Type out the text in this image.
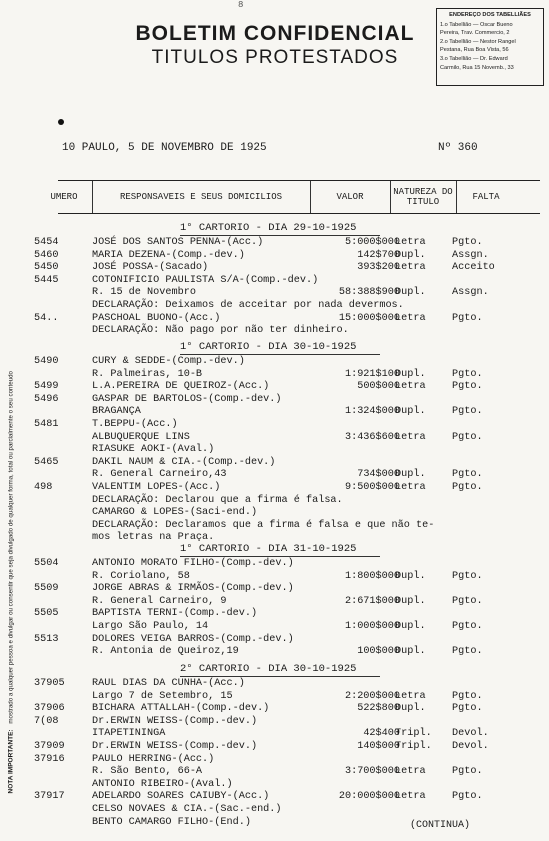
8
BOLETIM CONFIDENCIAL
TITULOS PROTESTADOS
ENDEREÇO DOS TABELLIÃES
1.o Tabellião — Oscar Bueno
Pereira, Trav. Commercio, 2
2.o Tabellião — Nestor Rangel
Pestana, Rua Boa Vista, 56
3.o Tabellião — Dr. Edward
Carmilo, Rua 15 Novemb., 33
NOTA IMPORTANTE: mostrado a qualquer pessoa e divulgar ou consentir que seja divulgado de qualquer forma, total ou parcialmente o seu conteudo
10 PAULO, 5 DE NOVEMBRO DE 1925	Nº 360
UMERO	RESPONSAVEIS E SEUS DOMICILIOS	VALOR	NATUREZA DO TITULO	FALTA
1° CARTORIO - DIA 29-10-1925
5454	JOSÉ DOS SANTOS PENNA-(Acc.)	5:000$000
Letra	Pgto.
5460	MARIA DEZENA-(Comp.-dev.)	142$700
Dupl.	Assgn.
5450	JOSÉ POSSA-(Sacado)	393$200
Letra	Acceito
5445	COTONIFICIO PAULISTA S/A-(Comp.-dev.)
R. 15 de Novembro	58:388$900
Dupl.	Assgn.
DECLARAÇÃO: Deixamos de acceitar por nada devermos.
54..	PASCHOAL BUONO-(Acc.)	15:000$000
Letra	Pgto.
DECLARAÇÃO: Não pago por não ter dinheiro.
1° CARTORIO - DIA 30-10-1925
5490	CURY & SEDDE-(Comp.-dev.)
R. Palmeiras, 10-B	1:921$100
Dupl.	Pgto.
5499	L.A.PEREIRA DE QUEIROZ-(Acc.)	500$000
Letra	Pgto.
5496	GASPAR DE BARTOLOS-(Comp.-dev.)
BRAGANÇA	1:324$000
Dupl.	Pgto.
5481	T.BEPPU-(Acc.)
ALBUQUERQUE LINS	3:436$600
Letra	Pgto.
RIASUKE AOKI-(Aval.)
5465	DAKIL NAUM & CIA.-(Comp.-dev.)
R. General Carneiro,43	734$000
Dupl.	Pgto.
498	VALENTIM LOPES-(Acc.)	9:500$000
Letra	Pgto.
DECLARAÇÃO: Declarou que a firma é falsa.
CAMARGO & LOPES-(Saci-end.)
DECLARAÇÃO: Declaramos que a firma é falsa e que não te-
mos letras na Praça.
1° CARTORIO - DIA 31-10-1925
5504	ANTONIO MORATO FILHO-(Comp.-dev.)
R. Coriolano, 58	1:800$000
Dupl.	Pgto.
5509	JORGE ABRAS & IRMÃOS-(Comp.-dev.)
R. General Carneiro, 9	2:671$000
Dupl.	Pgto.
5505	BAPTISTA TERNI-(Comp.-dev.)
Largo São Paulo, 14	1:000$000
Dupl.	Pgto.
5513	DOLORES VEIGA BARROS-(Comp.-dev.)
R. Antonia de Queiroz,19	100$000
Dupl.	Pgto.
2° CARTORIO - DIA 30-10-1925
37905	RAUL DIAS DA CUNHA-(Acc.)
Largo 7 de Setembro, 15	2:200$000
Letra	Pgto.
37906	BICHARA ATTALLAH-(Comp.-dev.)	522$800
Dupl.	Pgto.
7(08	Dr.ERWIN WEISS-(Comp.-dev.)
ITAPETININGA	42$400
Tripl. Devol.
37909	Dr.ERWIN WEISS-(Comp.-dev.)	140$000
Tripl. Devol.
37916	PAULO HERRING-(Acc.)
R. São Bento, 66-A	3:700$000
Letra	Pgto.
ANTONIO RIBEIRO-(Aval.)
37917	ADELARDO SOARES CAIUBY-(Acc.)	20:000$000
Letra	Pgto.
CELSO NOVAES & CIA.-(Sac.-end.)
BENTO CAMARGO FILHO-(End.)	(CONTINUA)
